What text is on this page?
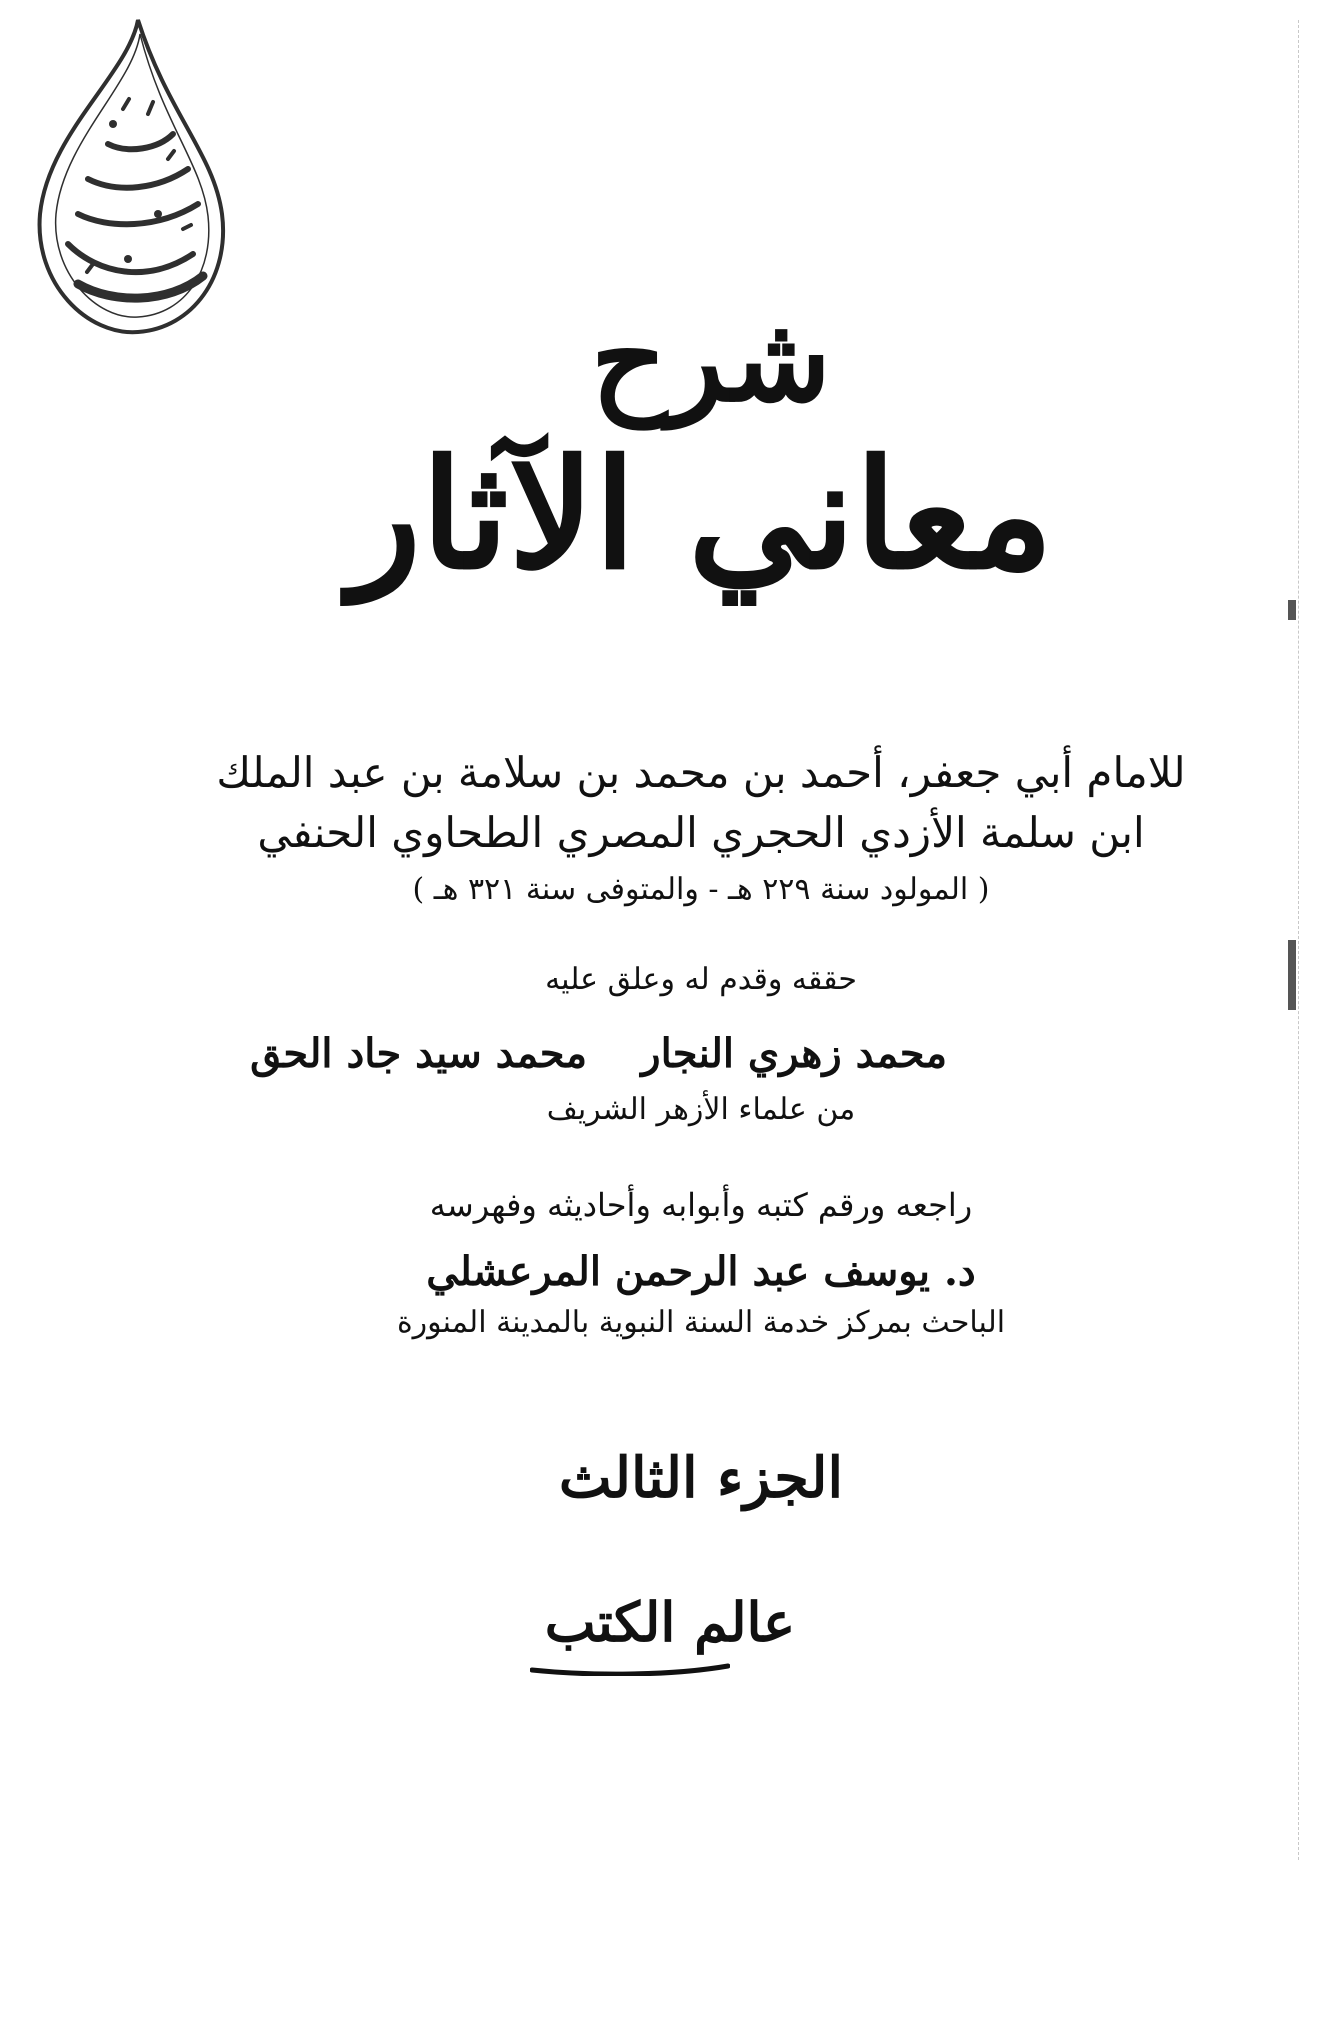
شرح
معاني الآثار
للامام أبي جعفر، أحمد بن محمد بن سلامة بن عبد الملك
ابن سلمة الأزدي الحجري المصري الطحاوي الحنفي
( المولود سنة ٢٢٩ هـ - والمتوفى سنة ٣٢١ هـ )
حققه وقدم له وعلق عليه
محمد زهري النجار
محمد سيد جاد الحق
من علماء الأزهر الشريف
راجعه ورقم كتبه وأبوابه وأحاديثه وفهرسه
د. يوسف عبد الرحمن المرعشلي
الباحث بمركز خدمة السنة النبوية بالمدينة المنورة
الجزء الثالث
عالم الكتب
